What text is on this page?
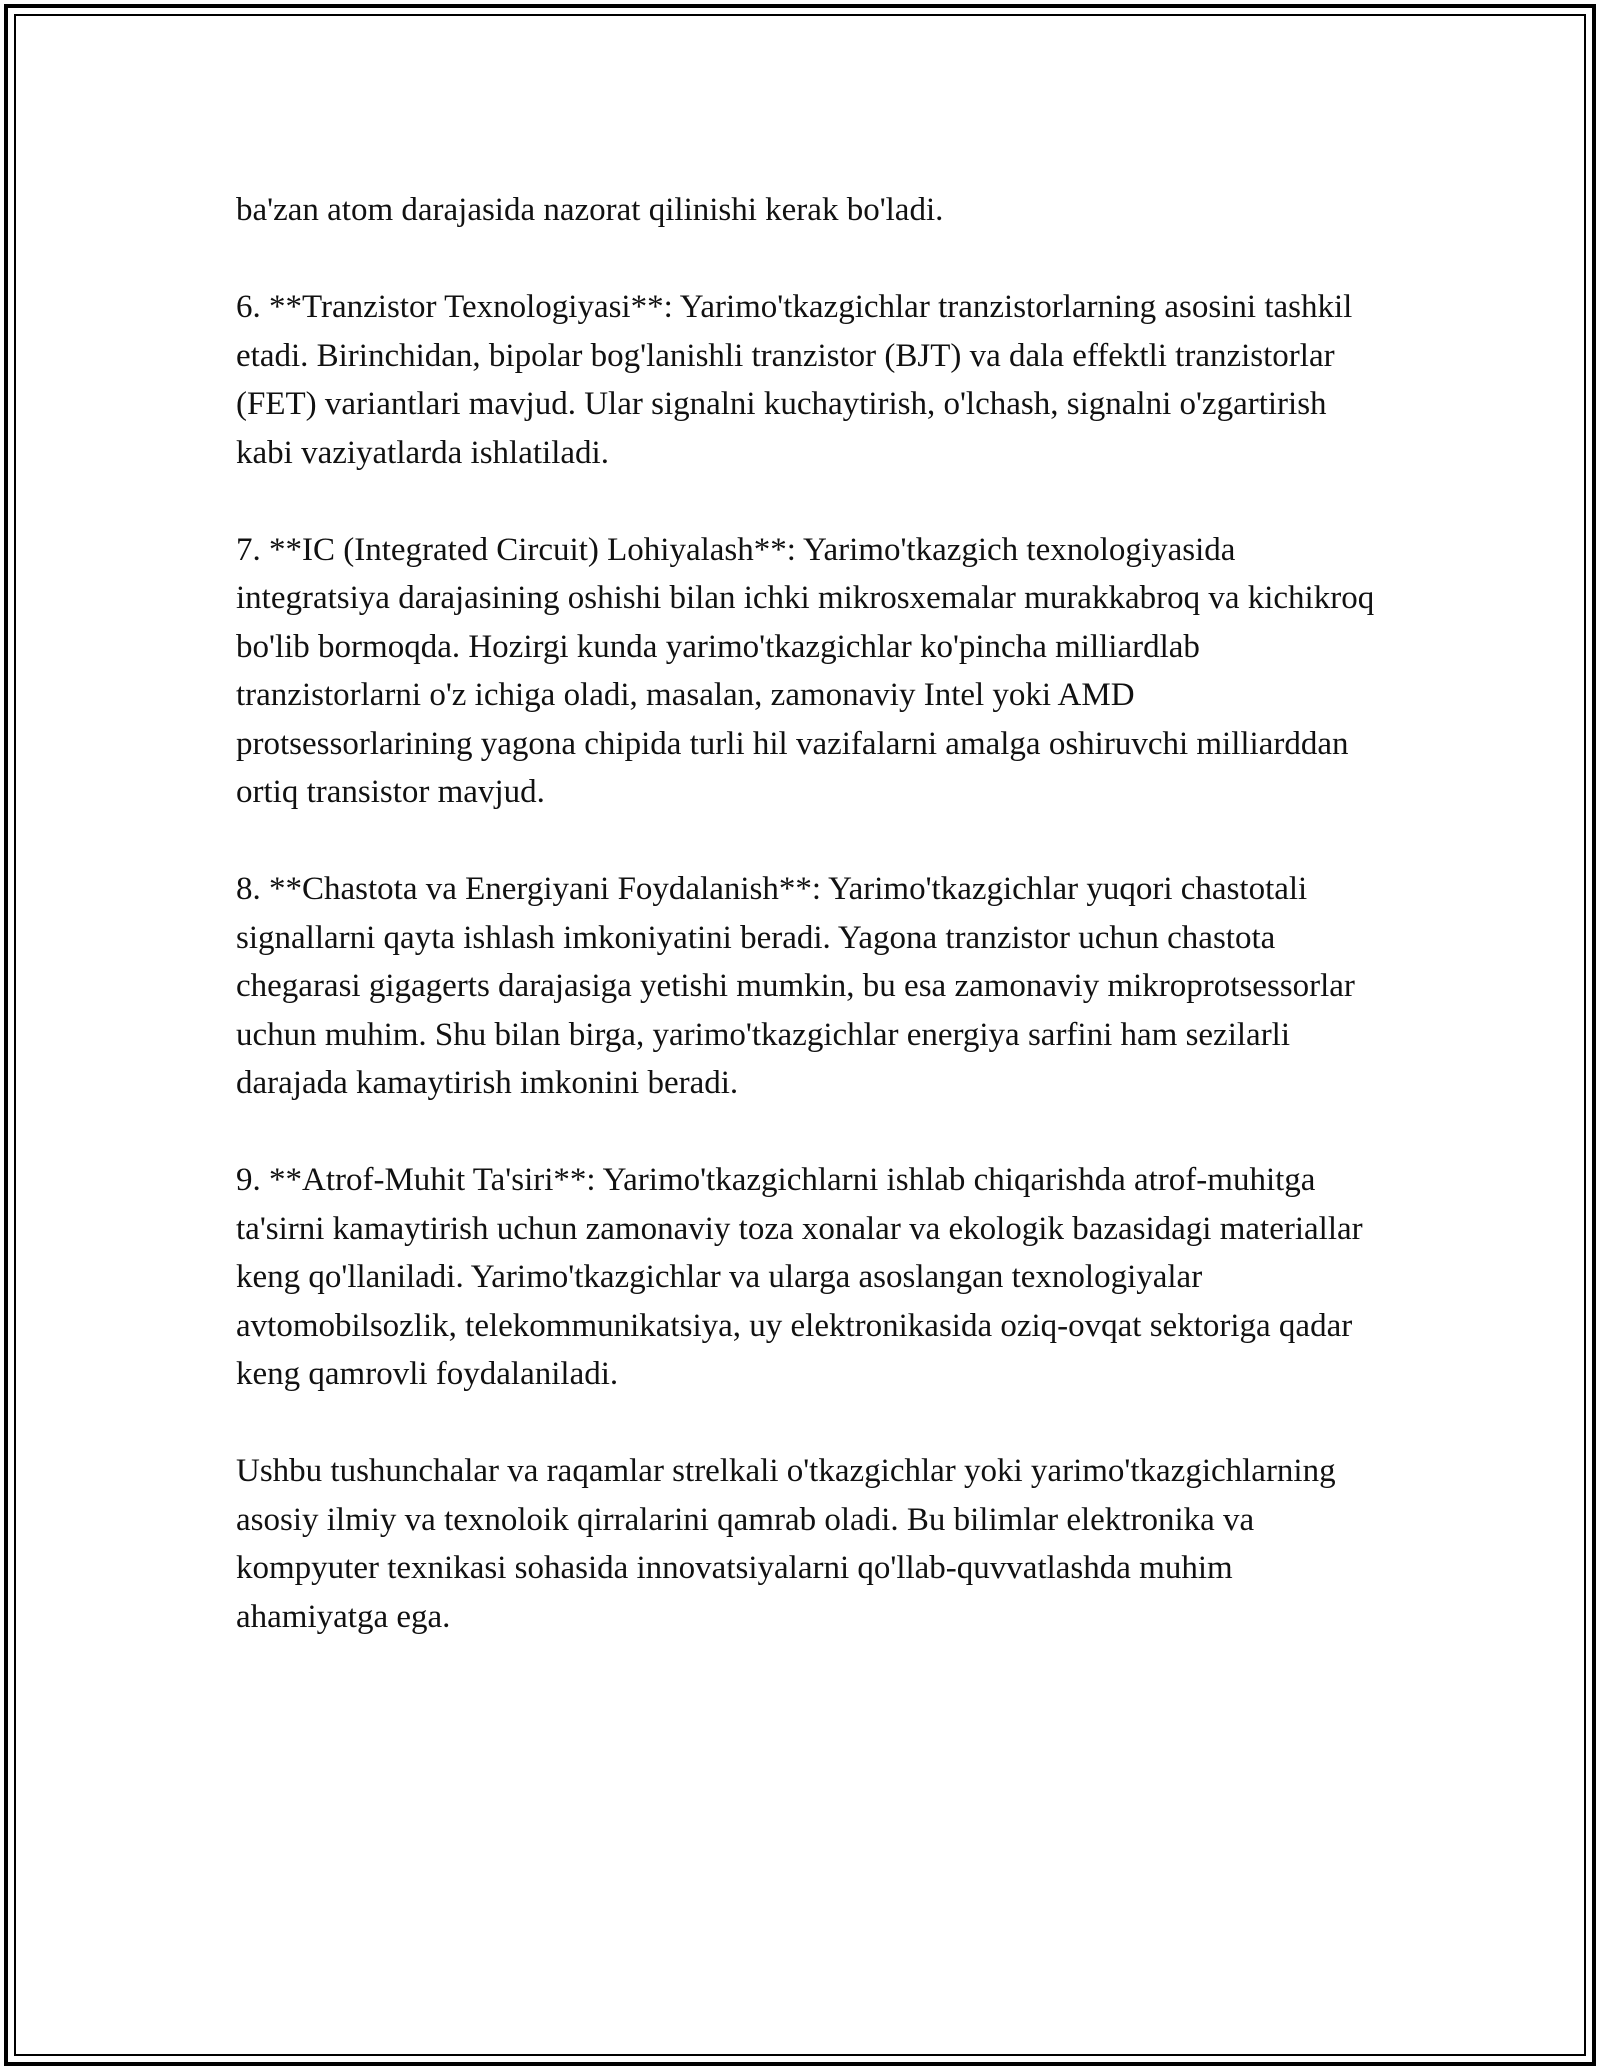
ba'zan atom darajasida nazorat qilinishi kerak bo'ladi.

6. **Tranzistor Texnologiyasi**: Yarimo'tkazgichlar tranzistorlarning asosini tashkil etadi. Birinchidan, bipolar bog'lanishli tranzistor (BJT) va dala effektli tranzistorlar (FET) variantlari mavjud. Ular signalni kuchaytirish, o'lchash, signalni o'zgartirish kabi vaziyatlarda ishlatiladi.

7. **IC (Integrated Circuit) Lohiyalash**: Yarimo'tkazgich texnologiyasida integratsiya darajasining oshishi bilan ichki mikrosxemalar murakkabroq va kichikroq bo'lib bormoqda. Hozirgi kunda yarimo'tkazgichlar ko'pincha milliardlab tranzistorlarni o'z ichiga oladi, masalan, zamonaviy Intel yoki AMD protsessorlarining yagona chipida turli hil vazifalarni amalga oshiruvchi milliarddan ortiq transistor mavjud.

8. **Chastota va Energiyani Foydalanish**: Yarimo'tkazgichlar yuqori chastotali signallarni qayta ishlash imkoniyatini beradi. Yagona tranzistor uchun chastota chegarasi gigagerts darajasiga yetishi mumkin, bu esa zamonaviy mikroprotsessorlar uchun muhim. Shu bilan birga, yarimo'tkazgichlar energiya sarfini ham sezilarli darajada kamaytirish imkonini beradi.

9. **Atrof-Muhit Ta'siri**: Yarimo'tkazgichlarni ishlab chiqarishda atrof-muhitga ta'sirni kamaytirish uchun zamonaviy toza xonalar va ekologik bazasidagi materiallar keng qo'llaniladi. Yarimo'tkazgichlar va ularga asoslangan texnologiyalar avtomobilsozlik, telekommunikatsiya, uy elektronikasida oziq-ovqat sektoriga qadar keng qamrovli foydalaniladi.

Ushbu tushunchalar va raqamlar strelkali o'tkazgichlar yoki yarimo'tkazgichlarning asosiy ilmiy va texnoloik qirralarini qamrab oladi. Bu bilimlar elektronika va kompyuter texnikasi sohasida innovatsiyalarni qo'llab-quvvatlashda muhim ahamiyatga ega.
